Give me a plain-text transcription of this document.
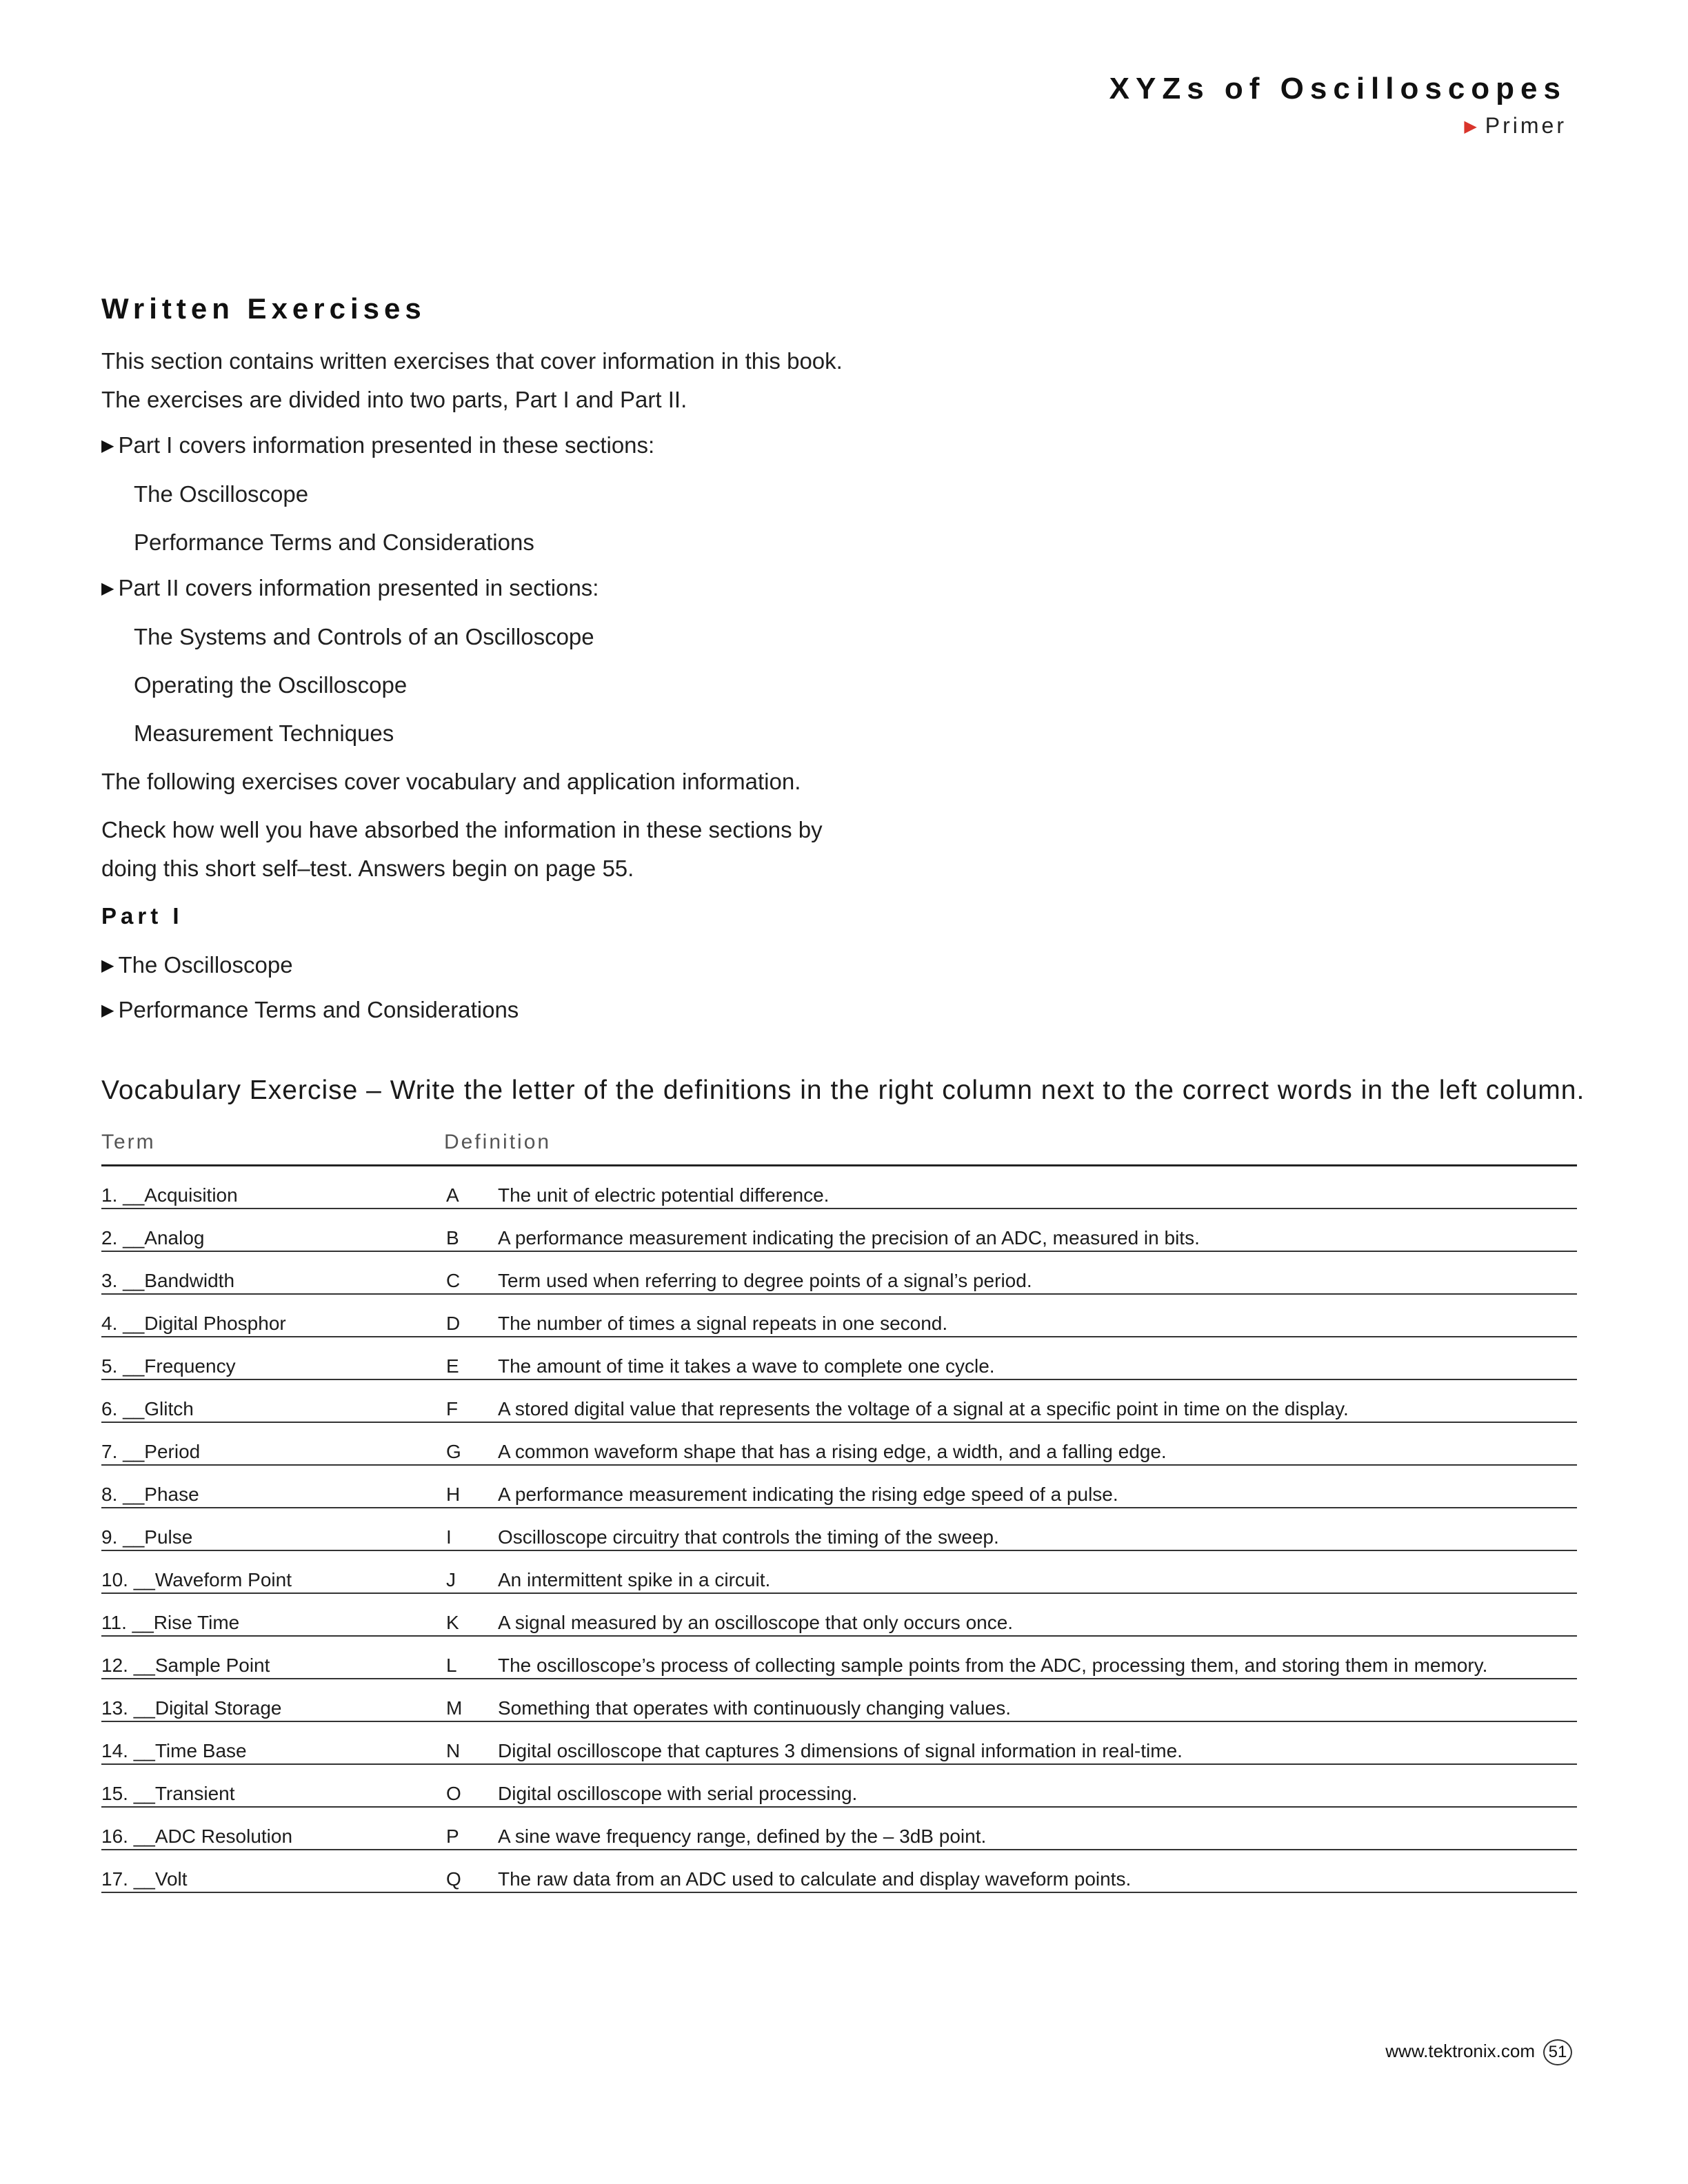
XYZs of Oscilloscopes
▶ Primer
Written Exercises

This section contains written exercises that cover information in this book.

The exercises are divided into two parts, Part I and Part II.

▶ Part I covers information presented in these sections:

The Oscilloscope

Performance Terms and Considerations

▶ Part II covers information presented in sections:

The Systems and Controls of an Oscilloscope

Operating the Oscilloscope

Measurement Techniques

The following exercises cover vocabulary and application information.

Check how well you have absorbed the information in these sections by

doing this short self–test. Answers begin on page 55.

Part I
▶ The Oscilloscope
▶ Performance Terms and Considerations
Vocabulary Exercise – Write the letter of the definitions in the right column next to the correct words in the left column.
Term	Definition
1. __Acquisition	A The unit of electric potential difference.
2. __Analog	B A performance measurement indicating the precision of an ADC, measured in bits.
3. __Bandwidth	C Term used when referring to degree points of a signal’s period.
4. __Digital Phosphor	D The number of times a signal repeats in one second.
5. __Frequency	E The amount of time it takes a wave to complete one cycle.
6. __Glitch	F A stored digital value that represents the voltage of a signal at a specific point in time on the display.
7. __Period	G A common waveform shape that has a rising edge, a width, and a falling edge.
8. __Phase	H A performance measurement indicating the rising edge speed of a pulse.
9. __Pulse	I Oscilloscope circuitry that controls the timing of the sweep.
10. __Waveform Point	J An intermittent spike in a circuit.
11. __Rise Time	K A signal measured by an oscilloscope that only occurs once.
12. __Sample Point	L The oscilloscope’s process of collecting sample points from the ADC, processing them, and storing them in memory.
13. __Digital Storage	M Something that operates with continuously changing values.
14. __Time Base	N Digital oscilloscope that captures 3 dimensions of signal information in real-time.
15. __Transient	O Digital oscilloscope with serial processing.
16. __ADC Resolution	P A sine wave frequency range, defined by the – 3dB point.
17. __Volt	Q The raw data from an ADC used to calculate and display waveform points.
www.tektronix.com 51
